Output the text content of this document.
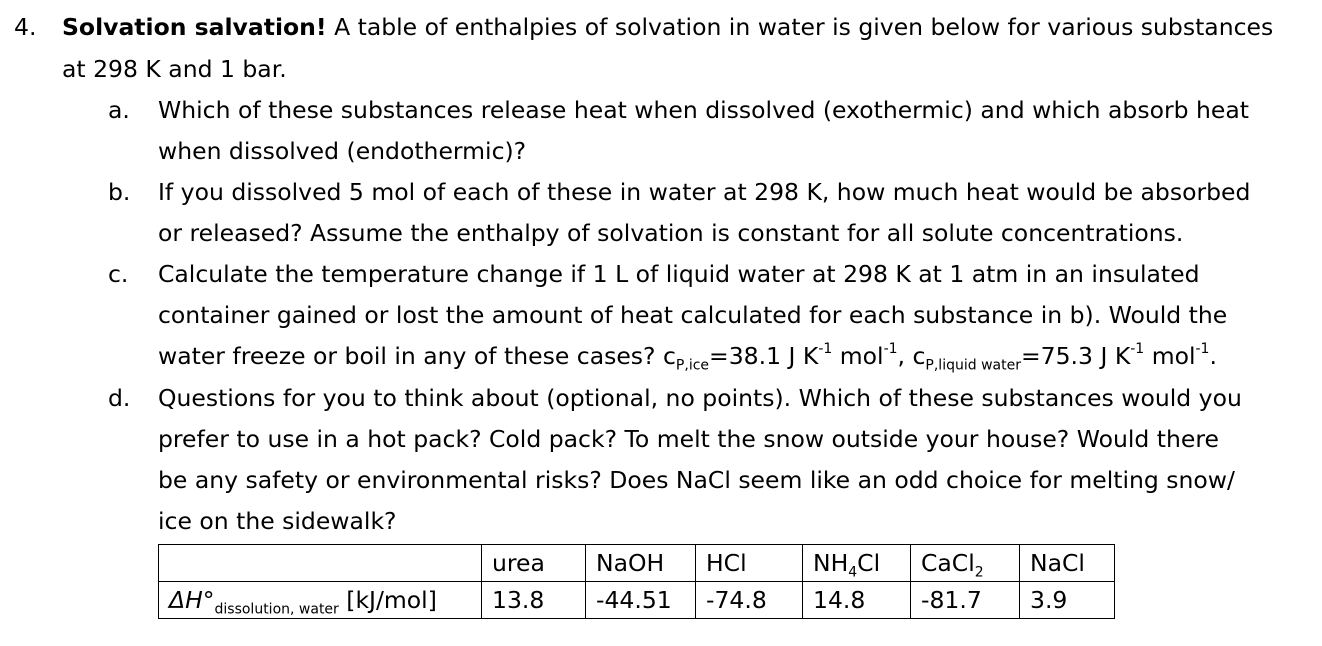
4. Solvation salvation! A table of enthalpies of solvation in water is given below for various substances
at 298 K and 1 bar.
a. Which of these substances release heat when dissolved (exothermic) and which absorb heat
when dissolved (endothermic)?
b. If you dissolved 5 mol of each of these in water at 298 K, how much heat would be absorbed
or released? Assume the enthalpy of solvation is constant for all solute concentrations.
c. Calculate the temperature change if 1 L of liquid water at 298 K at 1 atm in an insulated
container gained or lost the amount of heat calculated for each substance in b). Would the
water freeze or boil in any of these cases? $c_{P,ice}=38.1$ J $K^{-1}$ mol$^{-1}$, $c_{P,liquid water}=75.3$ J $K^{-1}$ mol$^{-1}$.
d. Questions for you to think about (optional, no points). Which of these substances would you
prefer to use in a hot pack? Cold pack? To melt the snow outside your house? Would there
be any safety or environmental risks? Does NaCl seem like an odd choice for melting snow/
ice on the sidewalk?
	urea	NaOH	HCl	$NH_4Cl$	CaCl$_2$	NaCl
$\Delta H^\circ_{dissolution, water}$ [kJ/mol]	13.8	-44.51	-74.8	14.8	-81.7	3.9
